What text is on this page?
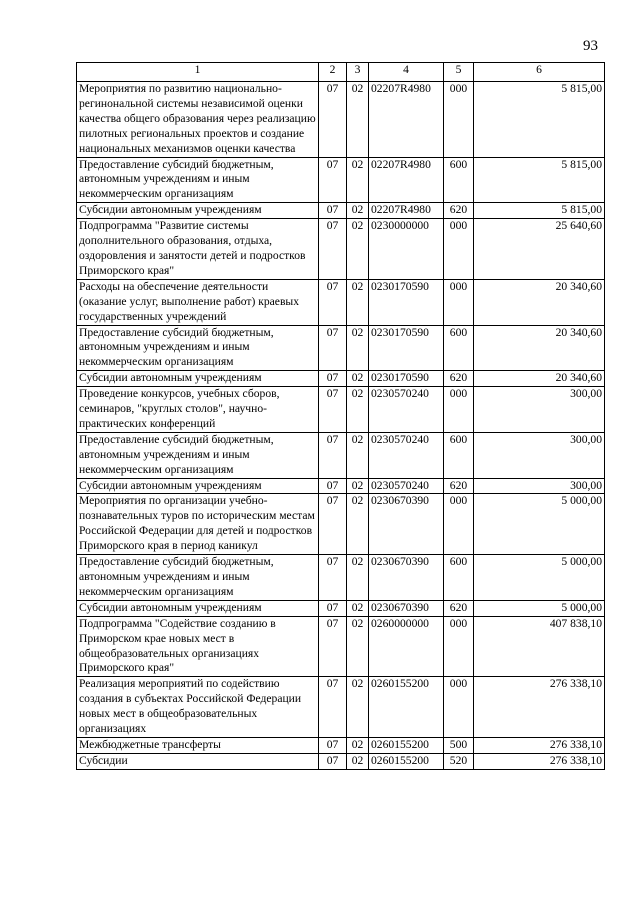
93
1	2	3	4	5	6
Мероприятия по развитию национально-регинональной системы независимой оценки качества общего образования через реализацию пилотных региональных проектов и создание национальных механизмов оценки качества	07	02	02207R4980	000	5 815,00
Предоставление субсидий бюджетным, автономным учреждениям и иным некоммерческим организациям	07	02	02207R4980	600	5 815,00
Субсидии автономным учреждениям	07	02	02207R4980	620	5 815,00
Подпрограмма "Развитие системы дополнительного образования, отдыха, оздоровления и занятости детей и подростков Приморского края"	07	02	0230000000	000	25 640,60
Расходы на обеспечение деятельности (оказание услуг, выполнение работ) краевых государственных учреждений	07	02	0230170590	000	20 340,60
Предоставление субсидий бюджетным, автономным учреждениям и иным некоммерческим организациям	07	02	0230170590	600	20 340,60
Субсидии автономным учреждениям	07	02	0230170590	620	20 340,60
Проведение конкурсов, учебных сборов, семинаров, "круглых столов", научно-практических конференций	07	02	0230570240	000	300,00
Предоставление субсидий бюджетным, автономным учреждениям и иным некоммерческим организациям	07	02	0230570240	600	300,00
Субсидии автономным учреждениям	07	02	0230570240	620	300,00
Мероприятия по организации учебно-познавательных туров по историческим местам Российской Федерации для детей и подростков Приморского края в период каникул	07	02	0230670390	000	5 000,00
Предоставление субсидий бюджетным, автономным учреждениям и иным некоммерческим организациям	07	02	0230670390	600	5 000,00
Субсидии автономным учреждениям	07	02	0230670390	620	5 000,00
Подпрограмма "Содействие созданию в Приморском крае новых мест в общеобразовательных организациях Приморского края"	07	02	0260000000	000	407 838,10
Реализация мероприятий по содействию создания в субъектах Российской Федерации новых мест в общеобразовательных организациях	07	02	0260155200	000	276 338,10
Межбюджетные трансферты	07	02	0260155200	500	276 338,10
Субсидии	07	02	0260155200	520	276 338,10
